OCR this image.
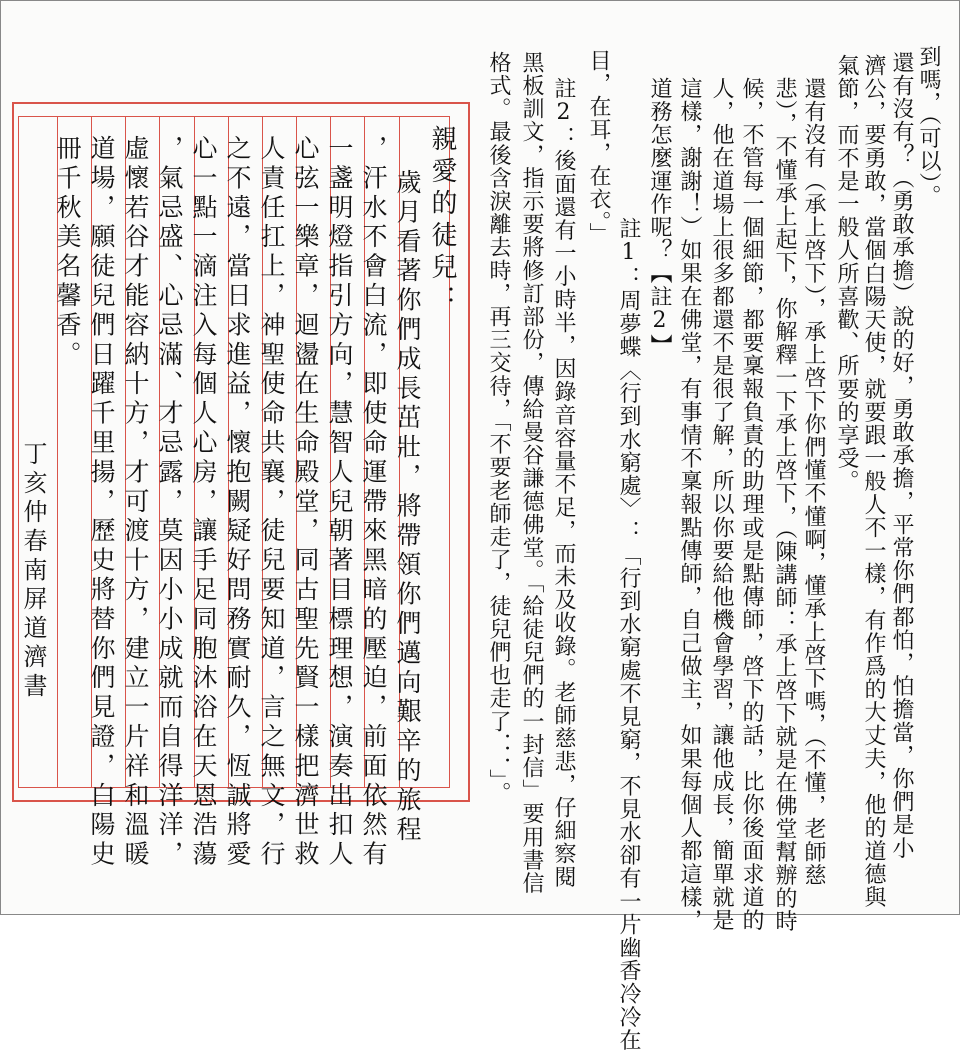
到嗎，（可以）。
還有沒有？（勇敢承擔）說的好，勇敢承擔，平常你們都怕，怕擔當，你們是小
濟公，要勇敢，當個白陽天使，就要跟一般人不一樣，有作爲的大丈夫，他的道德與
氣節，而不是一般人所喜歡、所要的享受。
還有沒有（承上啓下），承上啓下你們懂不懂啊，懂承上啓下嗎，（不懂，老師慈
悲），不懂承上起下，你解釋一下承上啓下，（陳講師：承上啓下就是在佛堂幫辦的時
候，不管每一個細節，都要稟報負責的助理或是點傳師，啓下的話，比你後面求道的
人，他在道場上很多都還不是很了解，所以你要給他機會學習，讓他成長，簡單就是
這樣，謝謝！）如果在佛堂，有事情不稟報點傳師，自己做主，如果每個人都這樣，
道務怎麼運作呢？【註2】
註1：周夢蝶〈行到水窮處〉：「行到水窮處不見窮，不見水卻有一片幽香冷冷在
目，在耳，在衣。」
註2：後面還有一小時半，因錄音容量不足，而未及收錄。老師慈悲，仔細察閱
黑板訓文，指示要將修訂部份，傳給曼谷謙德佛堂。「給徒兒們的一封信」要用書信
格式。最後含淚離去時，再三交待，「不要老師走了，徒兒們也走了．．．」。
親愛的徒兒：
歲月看著你們成長茁壯，將帶領你們邁向艱辛的旅程
，汗水不會白流，即使命運帶來黑暗的壓迫，前面依然有
一盞明燈指引方向，慧智人兒朝著目標理想，演奏出扣人
心弦一樂章，迴盪在生命殿堂，同古聖先賢一樣把濟世救
人責任扛上，神聖使命共襄，徒兒要知道，言之無文，行
之不遠，當日求進益，懷抱闕疑好問務實耐久，恆誠將愛
心一點一滴注入每個人心房，讓手足同胞沐浴在天恩浩蕩
，氣忌盛、心忌滿、才忌露，莫因小小成就而自得洋洋，
虛懷若谷才能容納十方，才可渡十方，建立一片祥和溫暖
道場，願徒兒們日躍千里揚，歷史將替你們見證，白陽史
冊千秋美名馨香。
丁亥仲春南屏道濟書
